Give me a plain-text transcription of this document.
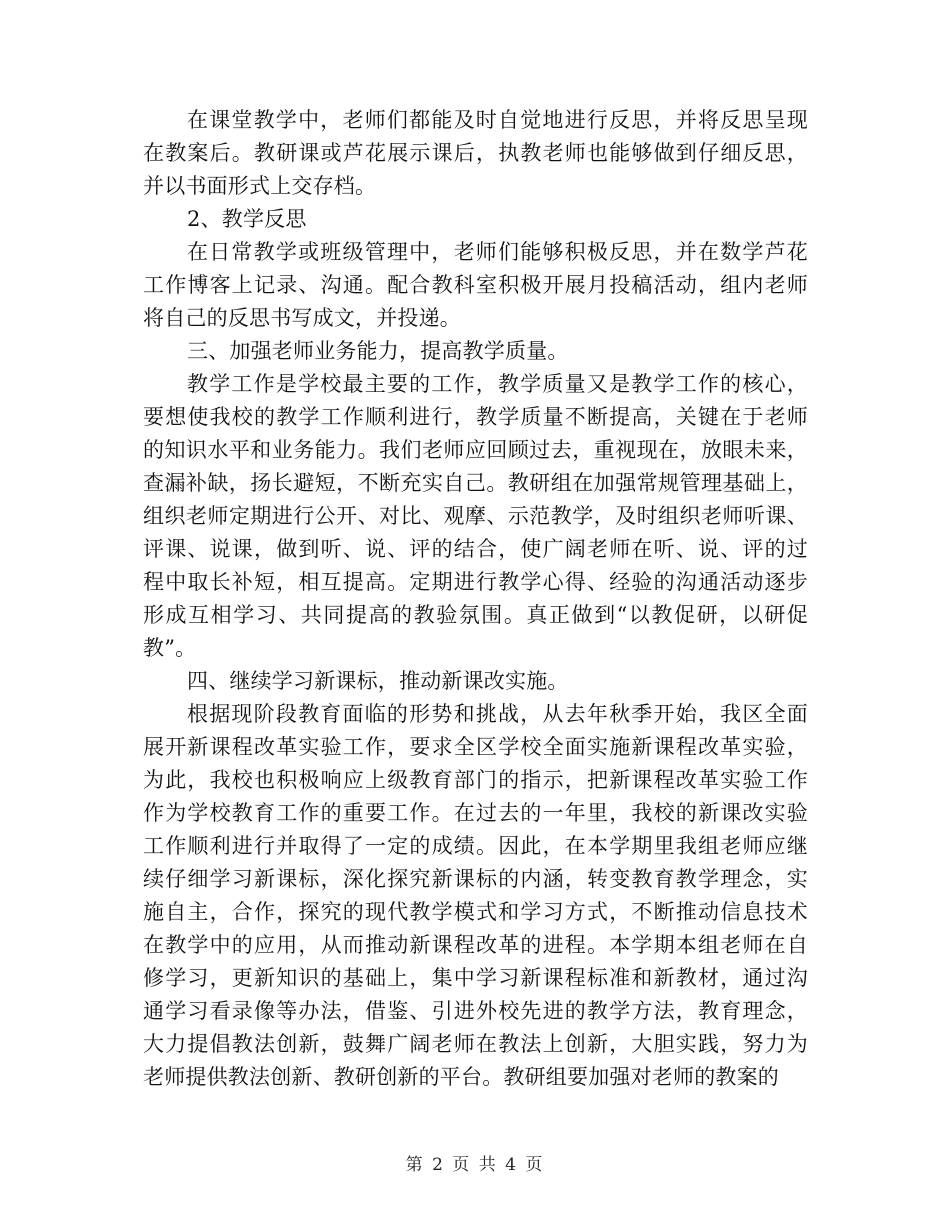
在课堂教学中，老师们都能及时自觉地进行反思，并将反思呈现
在教案后。教研课或芦花展示课后，执教老师也能够做到仔细反思，
并以书面形式上交存档。
2、教学反思
在日常教学或班级管理中，老师们能够积极反思，并在数学芦花
工作博客上记录、沟通。配合教科室积极开展月投稿活动，组内老师
将自己的反思书写成文，并投递。
三、加强老师业务能力，提高教学质量。
教学工作是学校最主要的工作，教学质量又是教学工作的核心，
要想使我校的教学工作顺利进行，教学质量不断提高，关键在于老师
的知识水平和业务能力。我们老师应回顾过去，重视现在，放眼未来，
查漏补缺，扬长避短，不断充实自己。教研组在加强常规管理基础上，
组织老师定期进行公开、对比、观摩、示范教学，及时组织老师听课、
评课、说课，做到听、说、评的结合，使广阔老师在听、说、评的过
程中取长补短，相互提高。定期进行教学心得、经验的沟通活动逐步
形成互相学习、共同提高的教验氛围。真正做到“以教促研，以研促
教”。
四、继续学习新课标，推动新课改实施。
根据现阶段教育面临的形势和挑战，从去年秋季开始，我区全面
展开新课程改革实验工作，要求全区学校全面实施新课程改革实验，
为此，我校也积极响应上级教育部门的指示，把新课程改革实验工作
作为学校教育工作的重要工作。在过去的一年里，我校的新课改实验
工作顺利进行并取得了一定的成绩。因此，在本学期里我组老师应继
续仔细学习新课标，深化探究新课标的内涵，转变教育教学理念，实
施自主，合作，探究的现代教学模式和学习方式，不断推动信息技术
在教学中的应用，从而推动新课程改革的进程。本学期本组老师在自
修学习，更新知识的基础上，集中学习新课程标准和新教材，通过沟
通学习看录像等办法，借鉴、引进外校先进的教学方法，教育理念，
大力提倡教法创新，鼓舞广阔老师在教法上创新，大胆实践，努力为
老师提供教法创新、教研创新的平台。教研组要加强对老师的教案的
第 2 页 共 4 页
